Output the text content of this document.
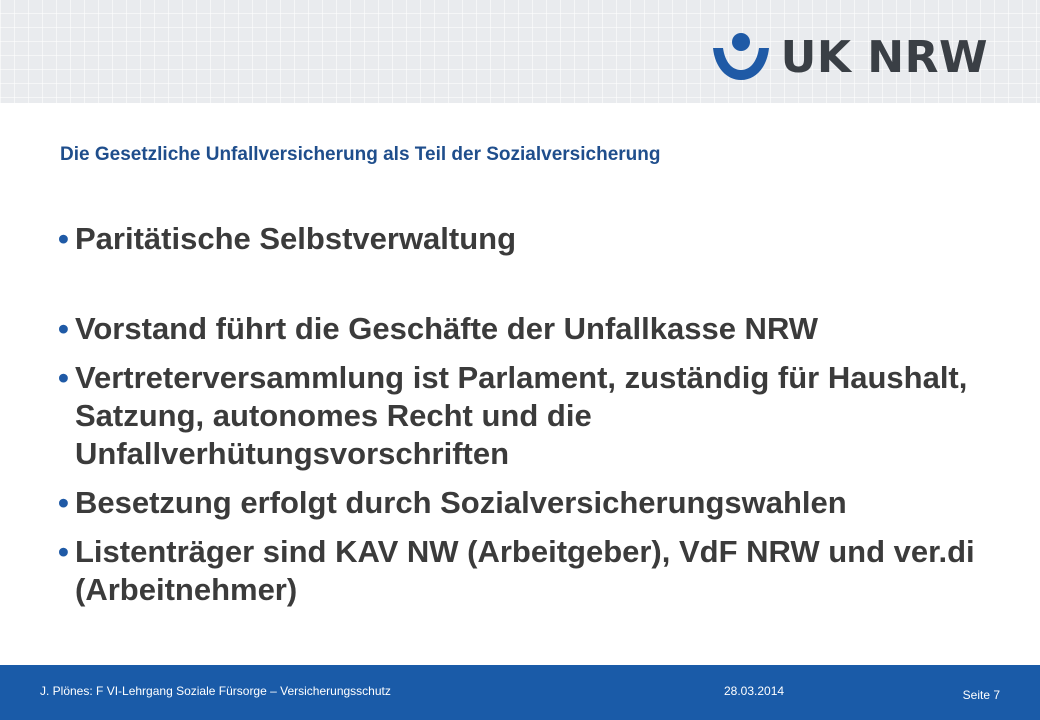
UK NRW
Die Gesetzliche Unfallversicherung als Teil der Sozialversicherung
• Paritätische Selbstverwaltung
• Vorstand führt die Geschäfte der Unfallkasse NRW
• Vertreterversammlung ist Parlament, zuständig für Haushalt, Satzung, autonomes Recht und die Unfallverhütungsvorschriften
• Besetzung erfolgt durch Sozialversicherungswahlen
• Listenträger sind KAV NW (Arbeitgeber), VdF NRW und ver.di (Arbeitnehmer)
J. Plönes: F VI-Lehrgang Soziale Fürsorge – Versicherungsschutz	28.03.2014	Seite 7
